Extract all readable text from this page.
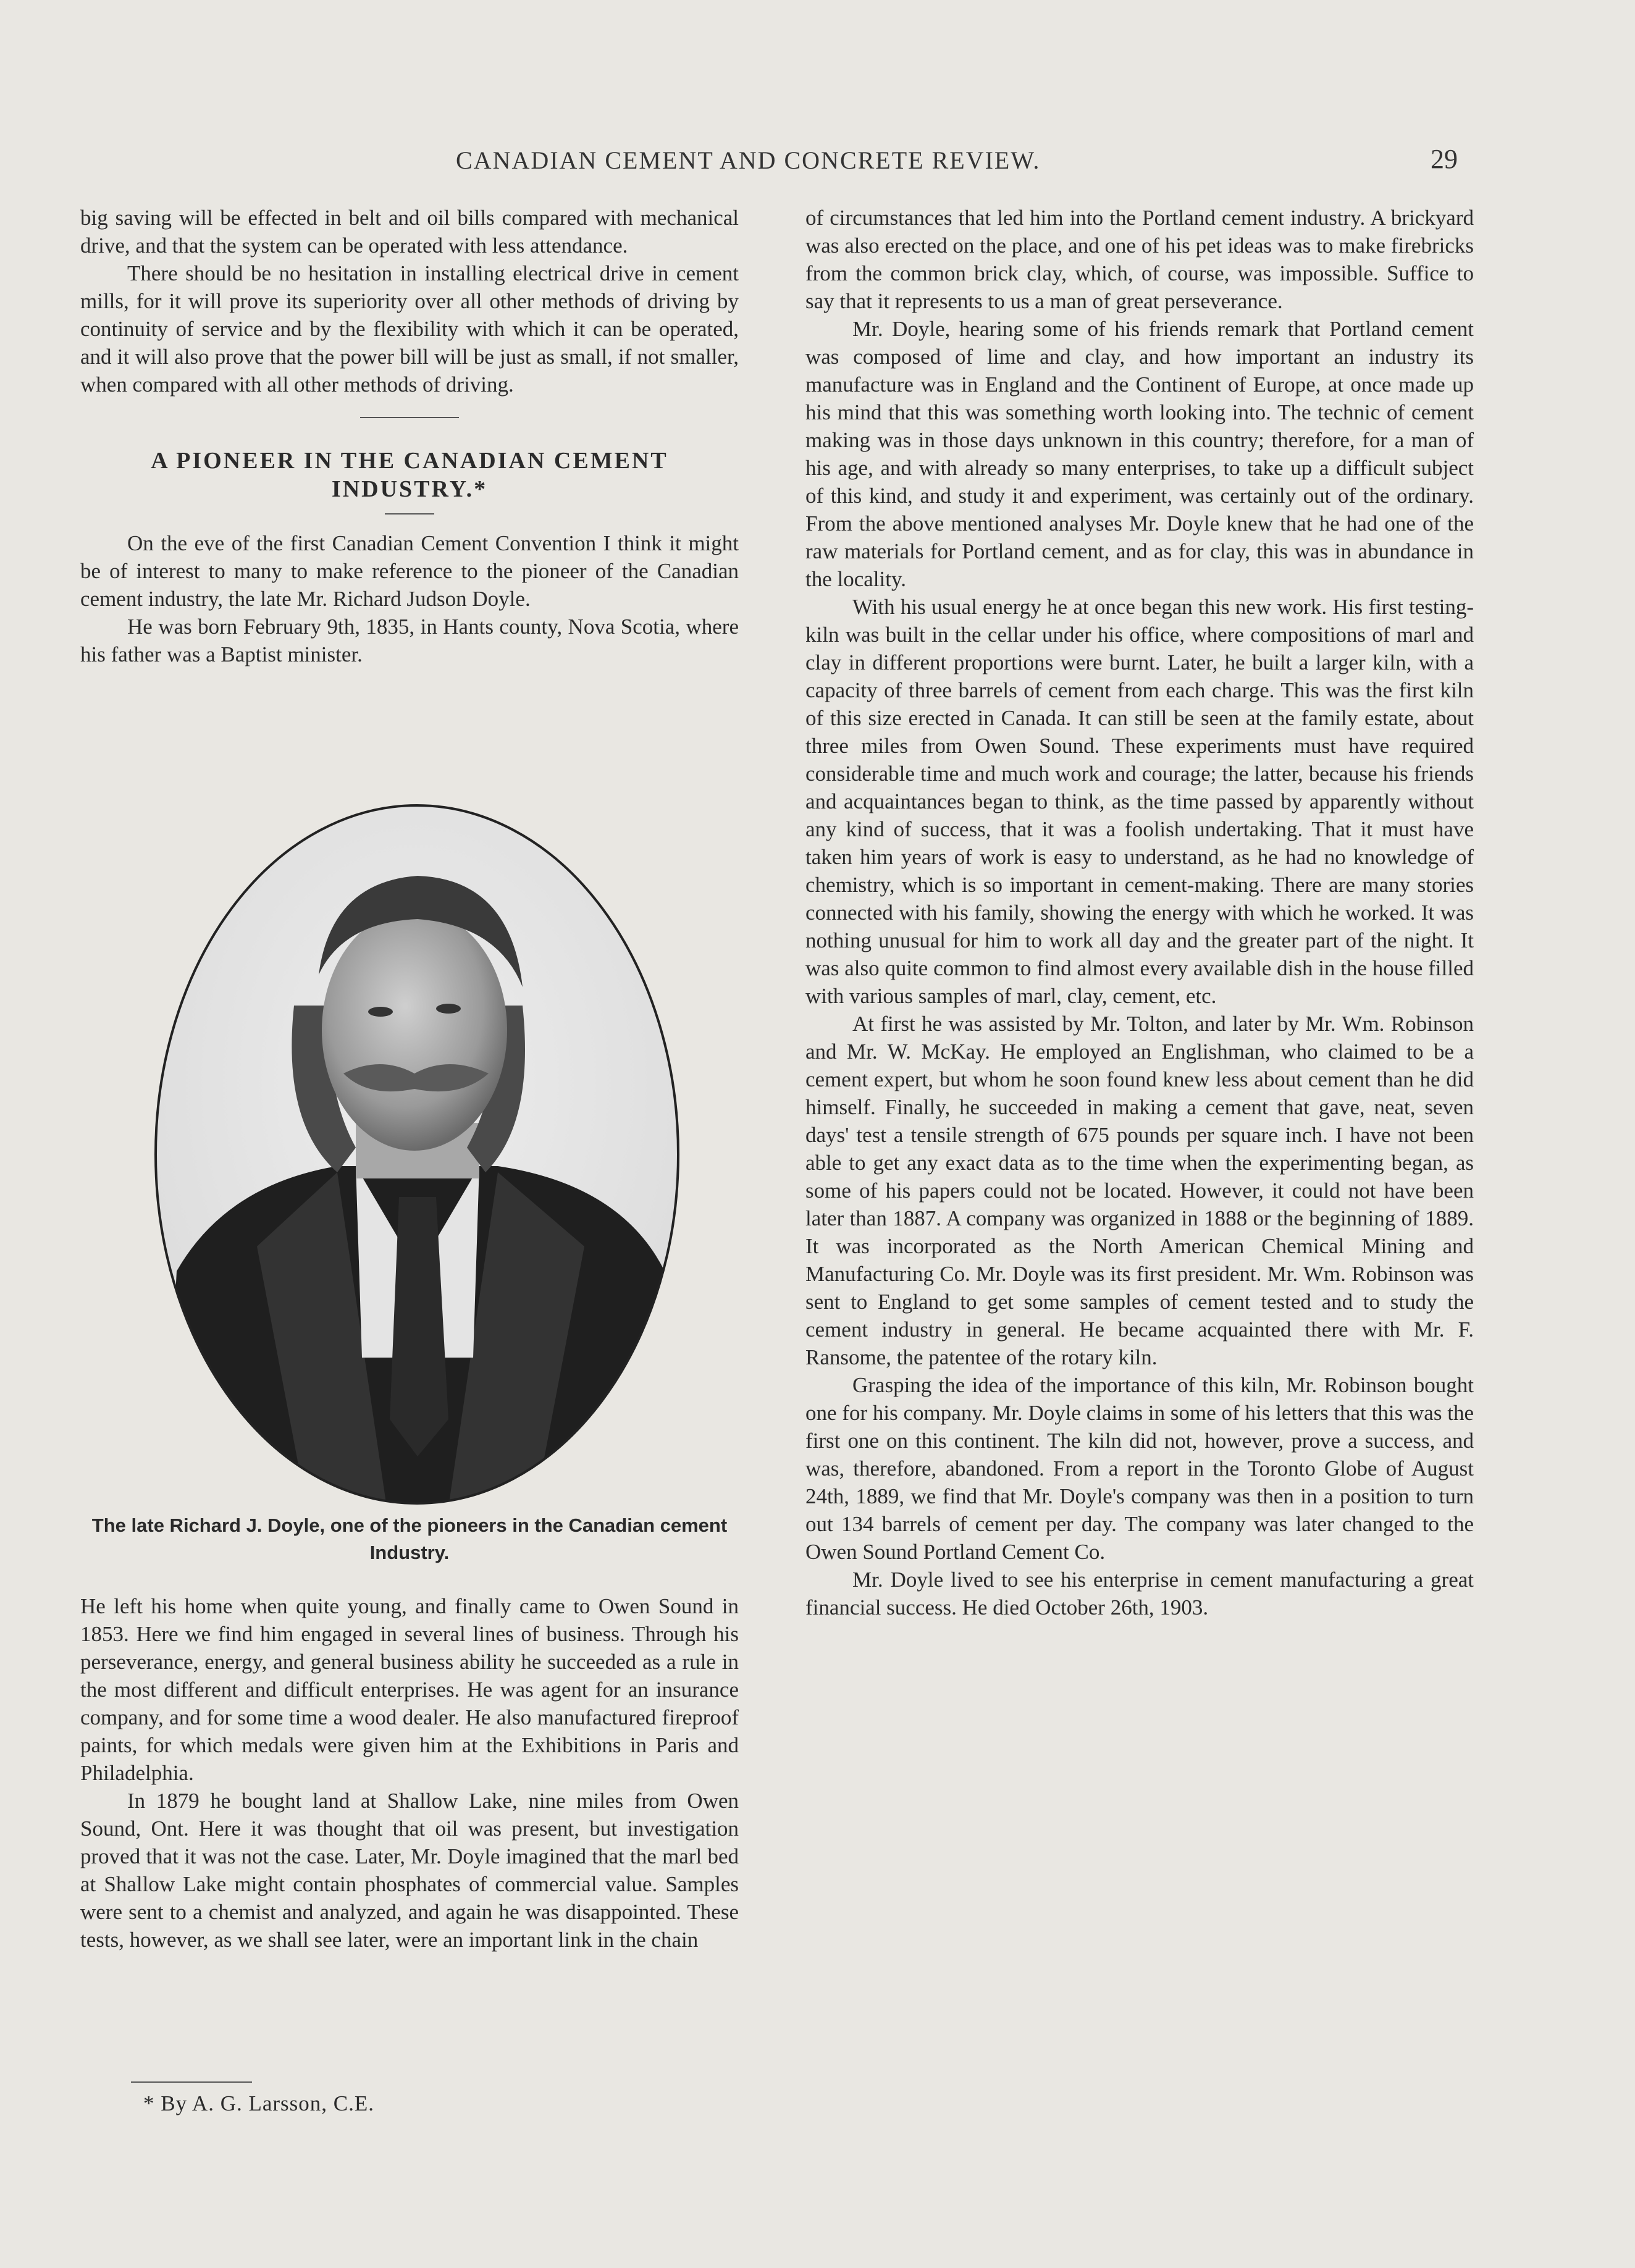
CANADIAN CEMENT AND CONCRETE REVIEW.	29

big saving will be effected in belt and oil bills compared with mechanical drive, and that the system can be operated with less attendance.

There should be no hesitation in installing electrical drive in cement mills, for it will prove its superiority over all other methods of driving by continuity of service and by the flexibility with which it can be operated, and it will also prove that the power bill will be just as small, if not smaller, when compared with all other methods of driving.

A PIONEER IN THE CANADIAN CEMENT INDUSTRY.*

On the eve of the first Canadian Cement Convention I think it might be of interest to many to make reference to the pioneer of the Canadian cement industry, the late Mr. Richard Judson Doyle.

He was born February 9th, 1835, in Hants county, Nova Scotia, where his father was a Baptist minister.

The late Richard J. Doyle, one of the pioneers in the Canadian cement Industry.

He left his home when quite young, and finally came to Owen Sound in 1853. Here we find him engaged in several lines of business. Through his perseverance, energy, and general business ability he succeeded as a rule in the most different and difficult enterprises. He was agent for an insurance company, and for some time a wood dealer. He also manufactured fireproof paints, for which medals were given him at the Exhibitions in Paris and Philadelphia.

In 1879 he bought land at Shallow Lake, nine miles from Owen Sound, Ont. Here it was thought that oil was present, but investigation proved that it was not the case. Later, Mr. Doyle imagined that the marl bed at Shallow Lake might contain phosphates of commercial value. Samples were sent to a chemist and analyzed, and again he was disappointed. These tests, however, as we shall see later, were an important link in the chain

* By A. G. Larsson, C.E.

of circumstances that led him into the Portland cement industry. A brickyard was also erected on the place, and one of his pet ideas was to make firebricks from the common brick clay, which, of course, was impossible. Suffice to say that it represents to us a man of great perseverance.

Mr. Doyle, hearing some of his friends remark that Portland cement was composed of lime and clay, and how important an industry its manufacture was in England and the Continent of Europe, at once made up his mind that this was something worth looking into. The technic of cement making was in those days unknown in this country; therefore, for a man of his age, and with already so many enterprises, to take up a difficult subject of this kind, and study it and experiment, was certainly out of the ordinary. From the above mentioned analyses Mr. Doyle knew that he had one of the raw materials for Portland cement, and as for clay, this was in abundance in the locality.

With his usual energy he at once began this new work. His first testing-kiln was built in the cellar under his office, where compositions of marl and clay in different proportions were burnt. Later, he built a larger kiln, with a capacity of three barrels of cement from each charge. This was the first kiln of this size erected in Canada. It can still be seen at the family estate, about three miles from Owen Sound. These experiments must have required considerable time and much work and courage; the latter, because his friends and acquaintances began to think, as the time passed by apparently without any kind of success, that it was a foolish undertaking. That it must have taken him years of work is easy to understand, as he had no knowledge of chemistry, which is so important in cement-making. There are many stories connected with his family, showing the energy with which he worked. It was nothing unusual for him to work all day and the greater part of the night. It was also quite common to find almost every available dish in the house filled with various samples of marl, clay, cement, etc.

At first he was assisted by Mr. Tolton, and later by Mr. Wm. Robinson and Mr. W. McKay. He employed an Englishman, who claimed to be a cement expert, but whom he soon found knew less about cement than he did himself. Finally, he succeeded in making a cement that gave, neat, seven days' test a tensile strength of 675 pounds per square inch. I have not been able to get any exact data as to the time when the experimenting began, as some of his papers could not be located. However, it could not have been later than 1887. A company was organized in 1888 or the beginning of 1889. It was incorporated as the North American Chemical Mining and Manufacturing Co. Mr. Doyle was its first president. Mr. Wm. Robinson was sent to England to get some samples of cement tested and to study the cement industry in general. He became acquainted there with Mr. F. Ransome, the patentee of the rotary kiln.

Grasping the idea of the importance of this kiln, Mr. Robinson bought one for his company. Mr. Doyle claims in some of his letters that this was the first one on this continent. The kiln did not, however, prove a success, and was, therefore, abandoned. From a report in the Toronto Globe of August 24th, 1889, we find that Mr. Doyle's company was then in a position to turn out 134 barrels of cement per day. The company was later changed to the Owen Sound Portland Cement Co.

Mr. Doyle lived to see his enterprise in cement manufacturing a great financial success. He died October 26th, 1903.
